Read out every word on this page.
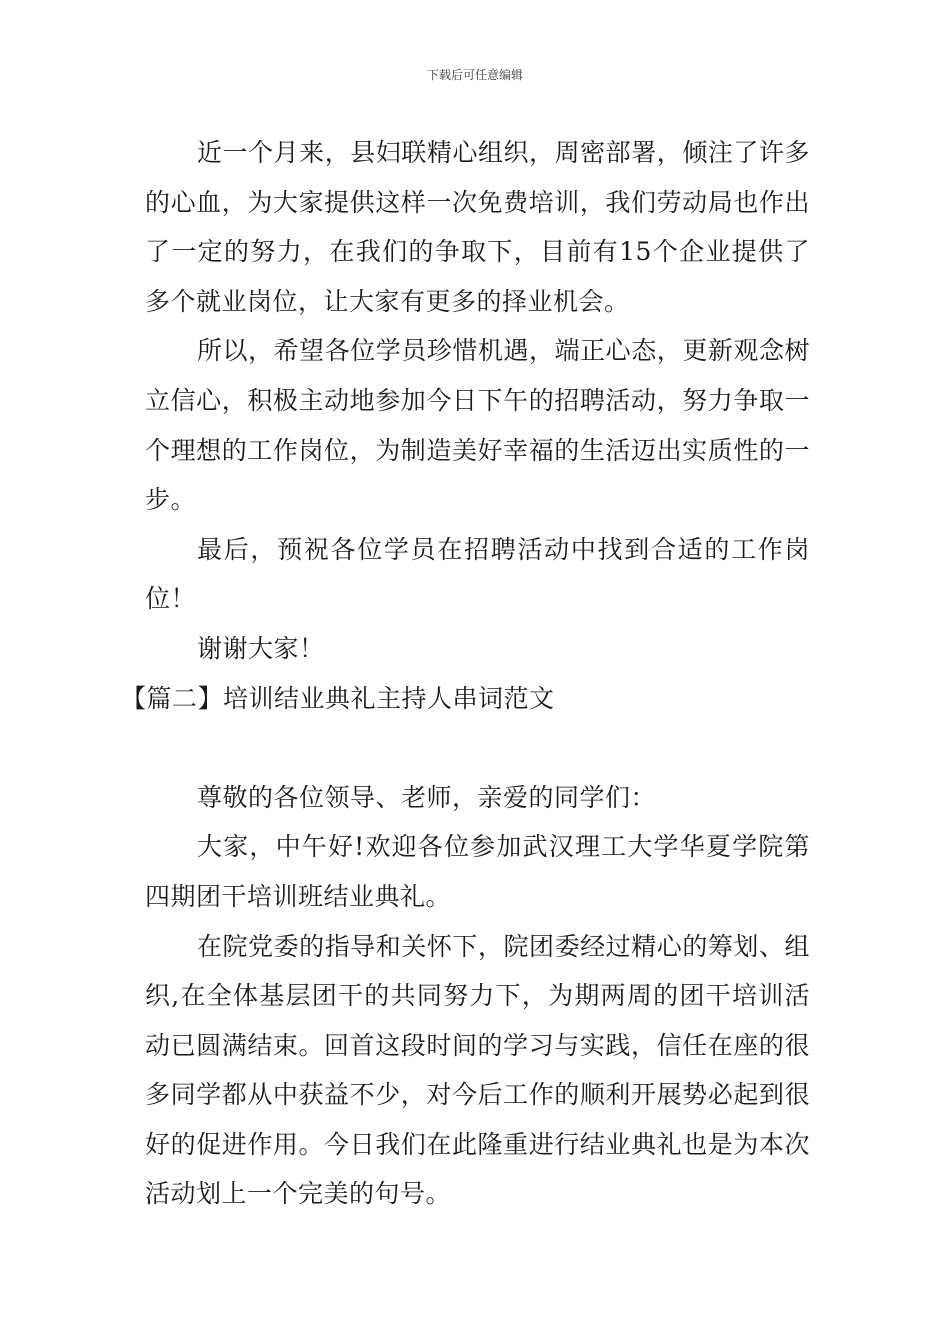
下载后可任意编辑

近一个月来，县妇联精心组织，周密部署，倾注了许多的心血，为大家提供这样一次免费培训，我们劳动局也作出了一定的努力，在我们的争取下，目前有15个企业提供了多个就业岗位，让大家有更多的择业机会。

所以，希望各位学员珍惜机遇，端正心态，更新观念树立信心，积极主动地参加今日下午的招聘活动，努力争取一个理想的工作岗位，为制造美好幸福的生活迈出实质性的一步。

最后，预祝各位学员在招聘活动中找到合适的工作岗位！

谢谢大家！

【篇二】培训结业典礼主持人串词范文

尊敬的各位领导、老师，亲爱的同学们：

大家，中午好!欢迎各位参加武汉理工大学华夏学院第四期团干培训班结业典礼。

在院党委的指导和关怀下，院团委经过精心的筹划、组织,在全体基层团干的共同努力下，为期两周的团干培训活动已圆满结束。回首这段时间的学习与实践，信任在座的很多同学都从中获益不少，对今后工作的顺利开展势必起到很好的促进作用。今日我们在此隆重进行结业典礼也是为本次活动划上一个完美的句号。
